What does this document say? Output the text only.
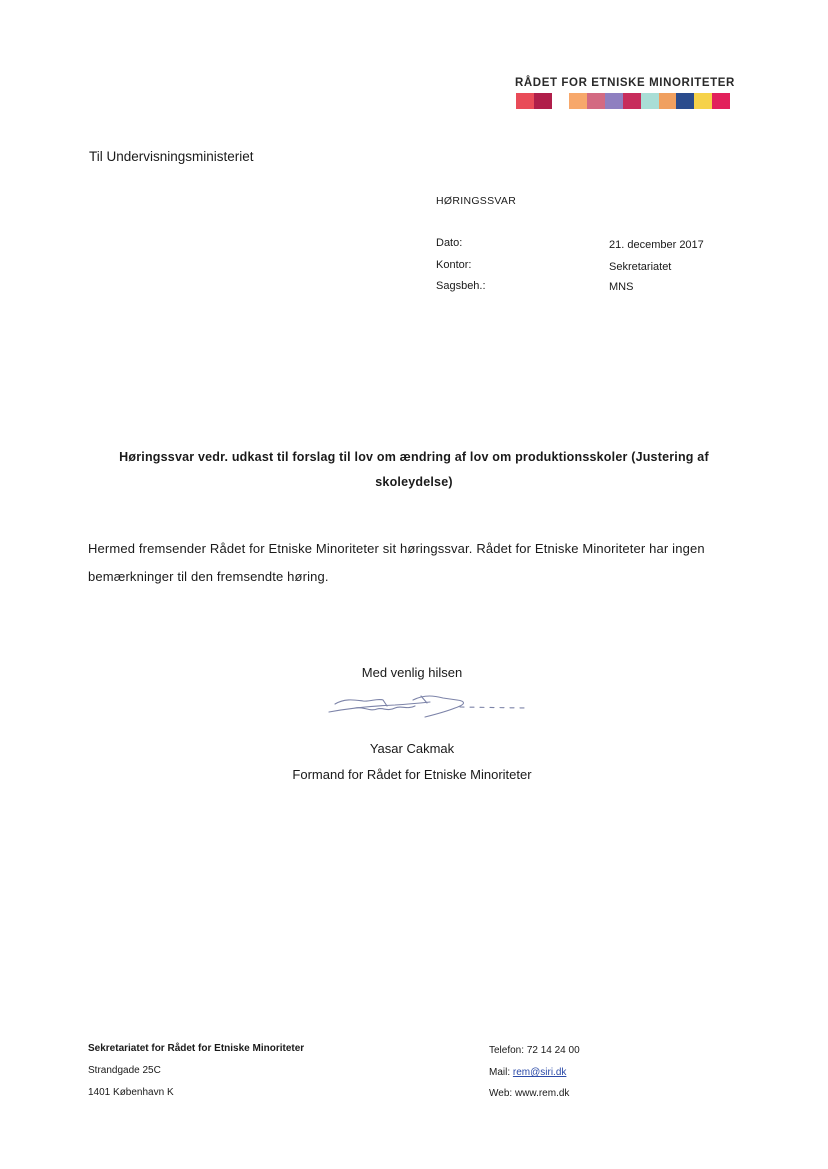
RÅDET FOR ETNISKE MINORITETER
Til Undervisningsministeriet
HØRINGSSVAR
Dato:	21. december 2017
Kontor:	Sekretariatet
Sagsbeh.:	MNS
Høringssvar vedr. udkast til forslag til lov om ændring af lov om produktionsskoler (Justering af skoleydelse)
Hermed fremsender Rådet for Etniske Minoriteter sit høringssvar. Rådet for Etniske Minoriteter har ingen bemærkninger til den fremsendte høring.
Med venlig hilsen
Yasar Cakmak
Formand for Rådet for Etniske Minoriteter
Sekretariatet for Rådet for Etniske Minoriteter
Strandgade 25C
1401 København K
Telefon: 72 14 24 00
Mail: rem@siri.dk
Web: www.rem.dk
